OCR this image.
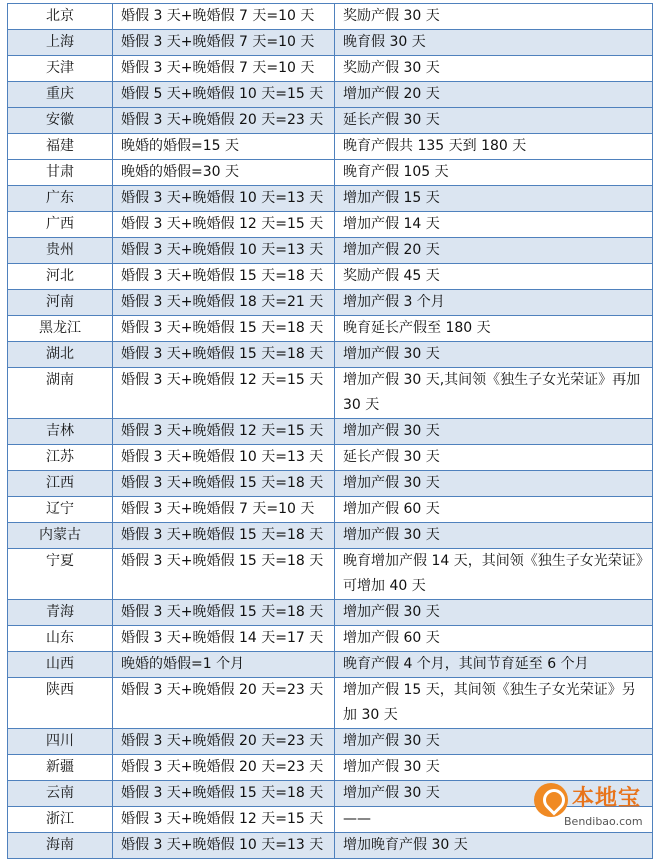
北京	婚假 3 天+晚婚假 7 天=10 天	奖励产假 30 天
上海	婚假 3 天+晚婚假 7 天=10 天	晚育假 30 天
天津	婚假 3 天+晚婚假 7 天=10 天	奖励产假 30 天
重庆	婚假 5 天+晚婚假 10 天=15 天	增加产假 20 天
安徽	婚假 3 天+晚婚假 20 天=23 天	延长产假 30 天
福建	晚婚的婚假=15 天	晚育产假共 135 天到 180 天
甘肃	晚婚的婚假=30 天	晚育产假 105 天
广东	婚假 3 天+晚婚假 10 天=13 天	增加产假 15 天
广西	婚假 3 天+晚婚假 12 天=15 天	增加产假 14 天
贵州	婚假 3 天+晚婚假 10 天=13 天	增加产假 20 天
河北	婚假 3 天+晚婚假 15 天=18 天	奖励产假 45 天
河南	婚假 3 天+晚婚假 18 天=21 天	增加产假 3 个月
黑龙江	婚假 3 天+晚婚假 15 天=18 天	晚育延长产假至 180 天
湖北	婚假 3 天+晚婚假 15 天=18 天	增加产假 30 天
湖南	婚假 3 天+晚婚假 12 天=15 天	增加产假 30 天,其间领《独生子女光荣证》再加 30 天
吉林	婚假 3 天+晚婚假 12 天=15 天	增加产假 30 天
江苏	婚假 3 天+晚婚假 10 天=13 天	延长产假 30 天
江西	婚假 3 天+晚婚假 15 天=18 天	增加产假 30 天
辽宁	婚假 3 天+晚婚假 7 天=10 天	增加产假 60 天
内蒙古	婚假 3 天+晚婚假 15 天=18 天	增加产假 30 天
宁夏	婚假 3 天+晚婚假 15 天=18 天	晚育增加产假 14 天，其间领《独生子女光荣证》可增加 40 天
青海	婚假 3 天+晚婚假 15 天=18 天	增加产假 30 天
山东	婚假 3 天+晚婚假 14 天=17 天	增加产假 60 天
山西	晚婚的婚假=1 个月	晚育产假 4 个月，其间节育延至 6 个月
陕西	婚假 3 天+晚婚假 20 天=23 天	增加产假 15 天，其间领《独生子女光荣证》另加 30 天
四川	婚假 3 天+晚婚假 20 天=23 天	增加产假 30 天
新疆	婚假 3 天+晚婚假 20 天=23 天	增加产假 30 天
云南	婚假 3 天+晚婚假 15 天=18 天	增加产假 30 天
浙江	婚假 3 天+晚婚假 12 天=15 天	——
海南	婚假 3 天+晚婚假 10 天=13 天	增加晚育产假 30 天
本地宝
Bendibao.com
